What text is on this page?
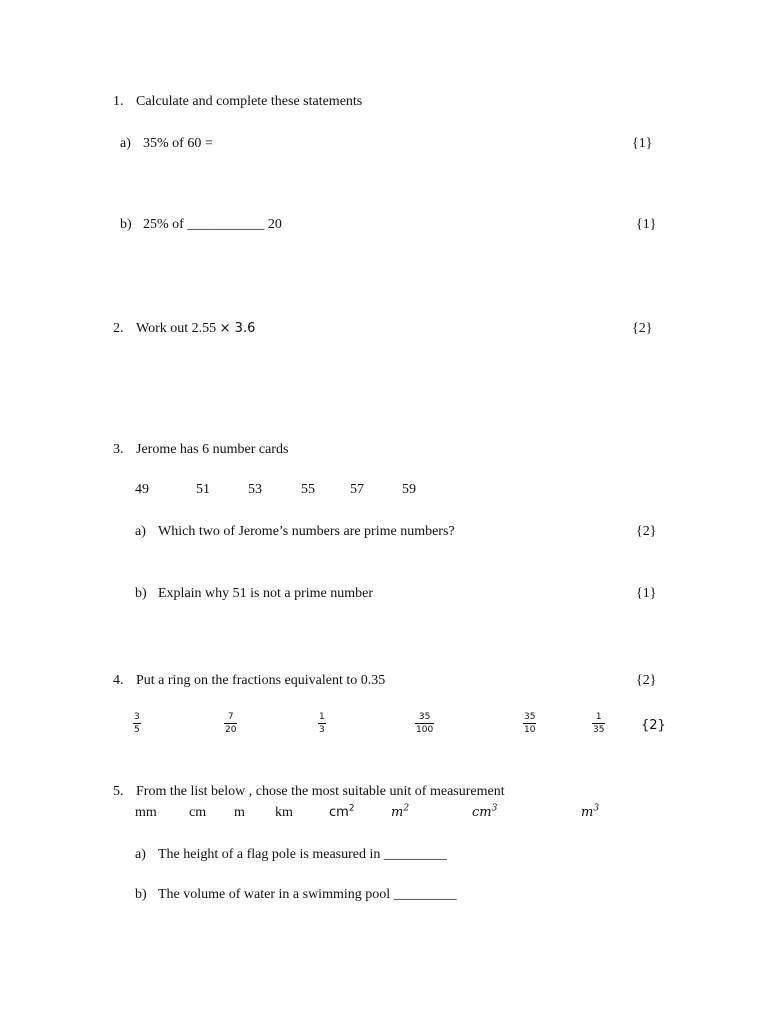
1. Calculate and complete these statements
a) 35% of 60 =	{1}
b) 25% of ___________ 20	{1}
2. Work out 2.55 × 3.6	{2}
3. Jerome has 6 number cards
49	51	53	55	57	59
a) Which two of Jerome’s numbers are prime numbers?	{2}
b) Explain why 51 is not a prime number	{1}
4. Put a ring on the fractions equivalent to 0.35	{2}
3
5
7
20
1
3
35
100
35
10
1
35	{2}
5. From the list below , chose the most suitable unit of measurement
mm cm m km	$cm^2$	$m^2$	$cm^3$	$m^3$
a) The height of a flag pole is measured in _________
b) The volume of water in a swimming pool _________
